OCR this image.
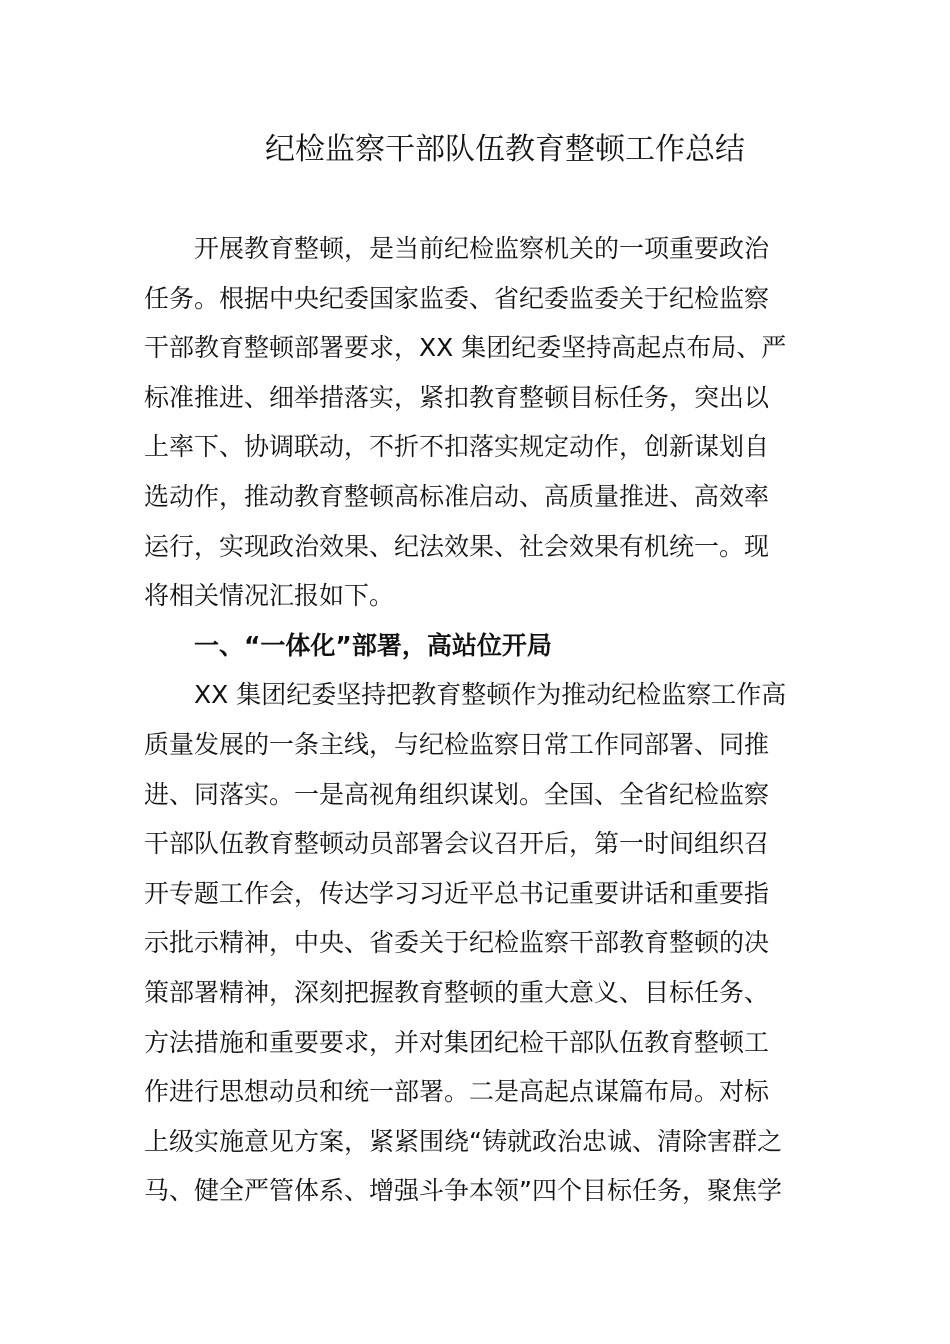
纪检监察干部队伍教育整顿工作总结
开展教育整顿，是当前纪检监察机关的一项重要政治
任务。根据中央纪委国家监委、省纪委监委关于纪检监察
干部教育整顿部署要求，XX 集团纪委坚持高起点布局、严
标准推进、细举措落实，紧扣教育整顿目标任务，突出以
上率下、协调联动，不折不扣落实规定动作，创新谋划自
选动作，推动教育整顿高标准启动、高质量推进、高效率
运行，实现政治效果、纪法效果、社会效果有机统一。现
将相关情况汇报如下。
一、“一体化”部署，高站位开局
XX 集团纪委坚持把教育整顿作为推动纪检监察工作高
质量发展的一条主线，与纪检监察日常工作同部署、同推
进、同落实。一是高视角组织谋划。全国、全省纪检监察
干部队伍教育整顿动员部署会议召开后，第一时间组织召
开专题工作会，传达学习习近平总书记重要讲话和重要指
示批示精神，中央、省委关于纪检监察干部教育整顿的决
策部署精神，深刻把握教育整顿的重大意义、目标任务、
方法措施和重要要求，并对集团纪检干部队伍教育整顿工
作进行思想动员和统一部署。二是高起点谋篇布局。对标
上级实施意见方案，紧紧围绕“铸就政治忠诚、清除害群之
马、健全严管体系、增强斗争本领”四个目标任务，聚焦学
